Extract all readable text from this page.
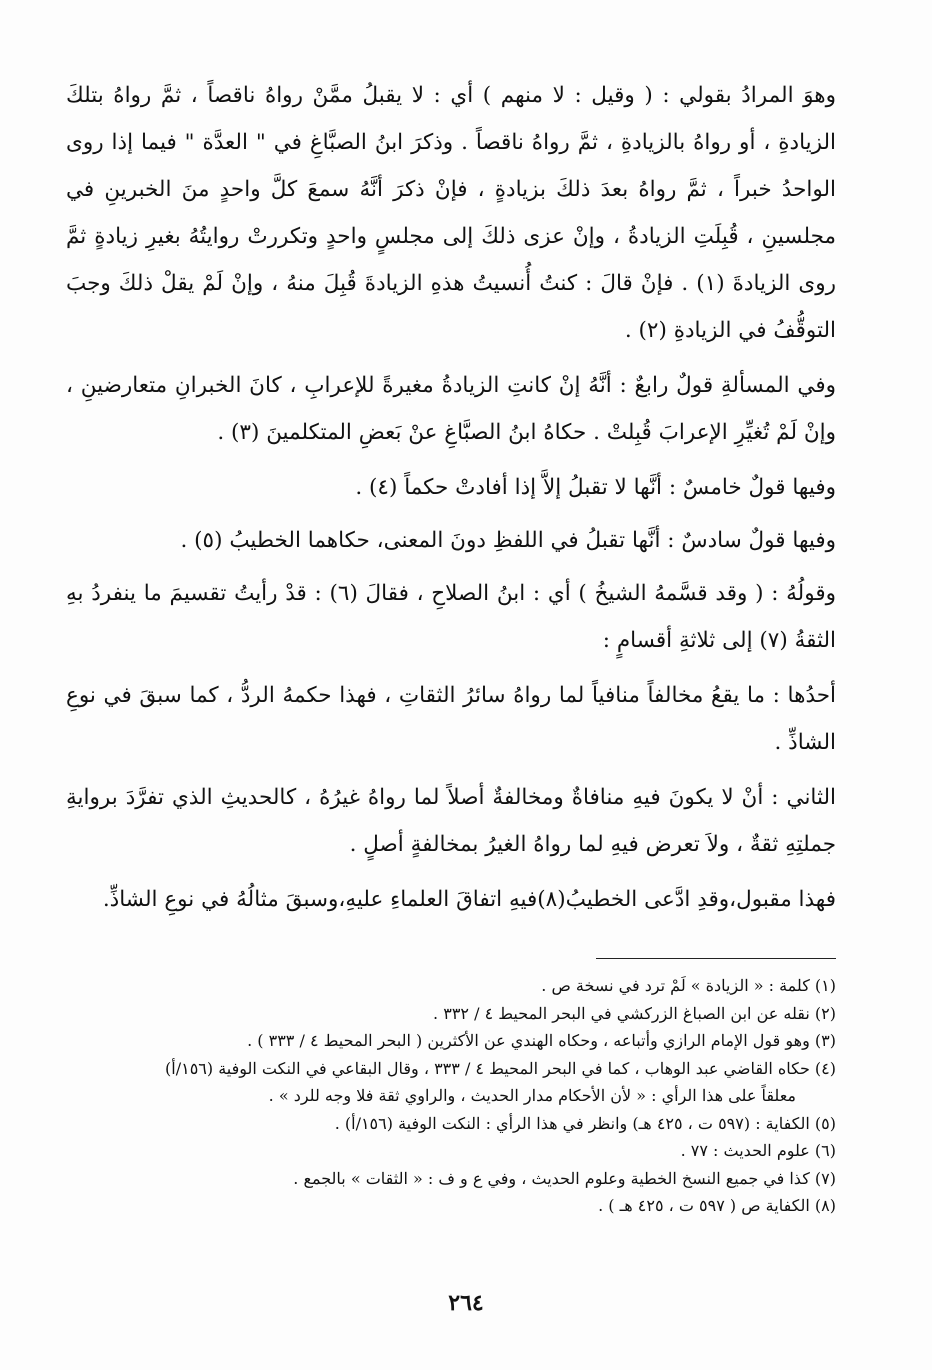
وهوَ المرادُ بقولي : ( وقيل : لا منهم ) أي : لا يقبلُ ممَّنْ رواهُ ناقصاً ، ثمَّ رواهُ بتلكَ الزيادةِ ، أو رواهُ بالزيادةِ ، ثمَّ رواهُ ناقصاً . وذكرَ ابنُ الصبَّاغِ في " العدَّة " فيما إذا روى الواحدُ خبراً ، ثمَّ رواهُ بعدَ ذلكَ بزيادةٍ ، فإنْ ذكرَ أنَّهُ سمعَ كلَّ واحدٍ منَ الخبرينِ في مجلسينِ ، قُبِلَتِ الزيادةُ ، وإنْ عزى ذلكَ إلى مجلسٍ واحدٍ وتكررتْ روايتُهُ بغيرِ زيادةٍ ثمَّ روى الزيادةَ (١) . فإنْ قالَ : كنتُ أُنسيتُ هذهِ الزيادةَ قُبِلَ منهُ ، وإنْ لَمْ يقلْ ذلكَ وجبَ التوقُّفُ في الزيادةِ (٢) .

وفي المسألةِ قولٌ رابعٌ : أنَّهُ إنْ كانتِ الزيادةُ مغيرةً للإعرابِ ، كانَ الخبرانِ متعارضينِ ، وإنْ لَمْ تُغيِّرِ الإعرابَ قُبِلتْ . حكاهُ ابنُ الصبَّاغِ عنْ بَعضِ المتكلمينَ (٣) .

وفيها قولٌ خامسٌ : أنَّها لا تقبلُ إلاَّ إذا أفادتْ حكماً (٤) .

وفيها قولٌ سادسٌ : أنَّها تقبلُ في اللفظِ دونَ المعنى، حكاهما الخطيبُ (٥) .

وقولُهُ : ( وقد قسَّمهُ الشيخُ ) أي : ابنُ الصلاحِ ، فقالَ (٦) : قدْ رأيتُ تقسيمَ ما ينفردُ بهِ الثقةُ (٧) إلى ثلاثةِ أقسامٍ :

أحدُها : ما يقعُ مخالفاً منافياً لما رواهُ سائرُ الثقاتِ ، فهذا حكمهُ الردُّ ، كما سبقَ في نوعِ الشاذِّ .

الثاني : أنْ لا يكونَ فيهِ منافاةٌ ومخالفةٌ أصلاً لما رواهُ غيرُهُ ، كالحديثِ الذي تفرَّدَ بروايةِ جملتِهِ ثقةٌ ، ولاَ تعرض فيهِ لما رواهُ الغيرُ بمخالفةٍ أصلٍ .

فهذا مقبول،وقدِ ادَّعى الخطيبُ(٨)فيهِ اتفاقَ العلماءِ عليهِ،وسبقَ مثالُهُ في نوعِ الشاذِّ.

(١) كلمة : « الزيادة » لَمْ ترد في نسخة ص .
(٢) نقله عن ابن الصباغ الزركشي في البحر المحيط ٤ / ٣٣٢ .
(٣) وهو قول الإمام الرازي وأتباعه ، وحكاه الهندي عن الأكثرين ( البحر المحيط ٤ / ٣٣٣ ) .
(٤) حكاه القاضي عبد الوهاب ، كما في البحر المحيط ٤ / ٣٣٣ ، وقال البقاعي في النكت الوفية (١٥٦/أ)
معلقاً على هذا الرأي : « لأن الأحكام مدار الحديث ، والراوي ثقة فلا وجه للرد » .
(٥) الكفاية : (٥٩٧ ت ، ٤٢٥ هـ) وانظر في هذا الرأي : النكت الوفية (١٥٦/أ) .
(٦) علوم الحديث : ٧٧ .
(٧) كذا في جميع النسخ الخطية وعلوم الحديث ، وفي ع و ف : « الثقات » بالجمع .
(٨) الكفاية ص ( ٥٩٧ ت ، ٤٢٥ هـ ) .
٢٦٤
